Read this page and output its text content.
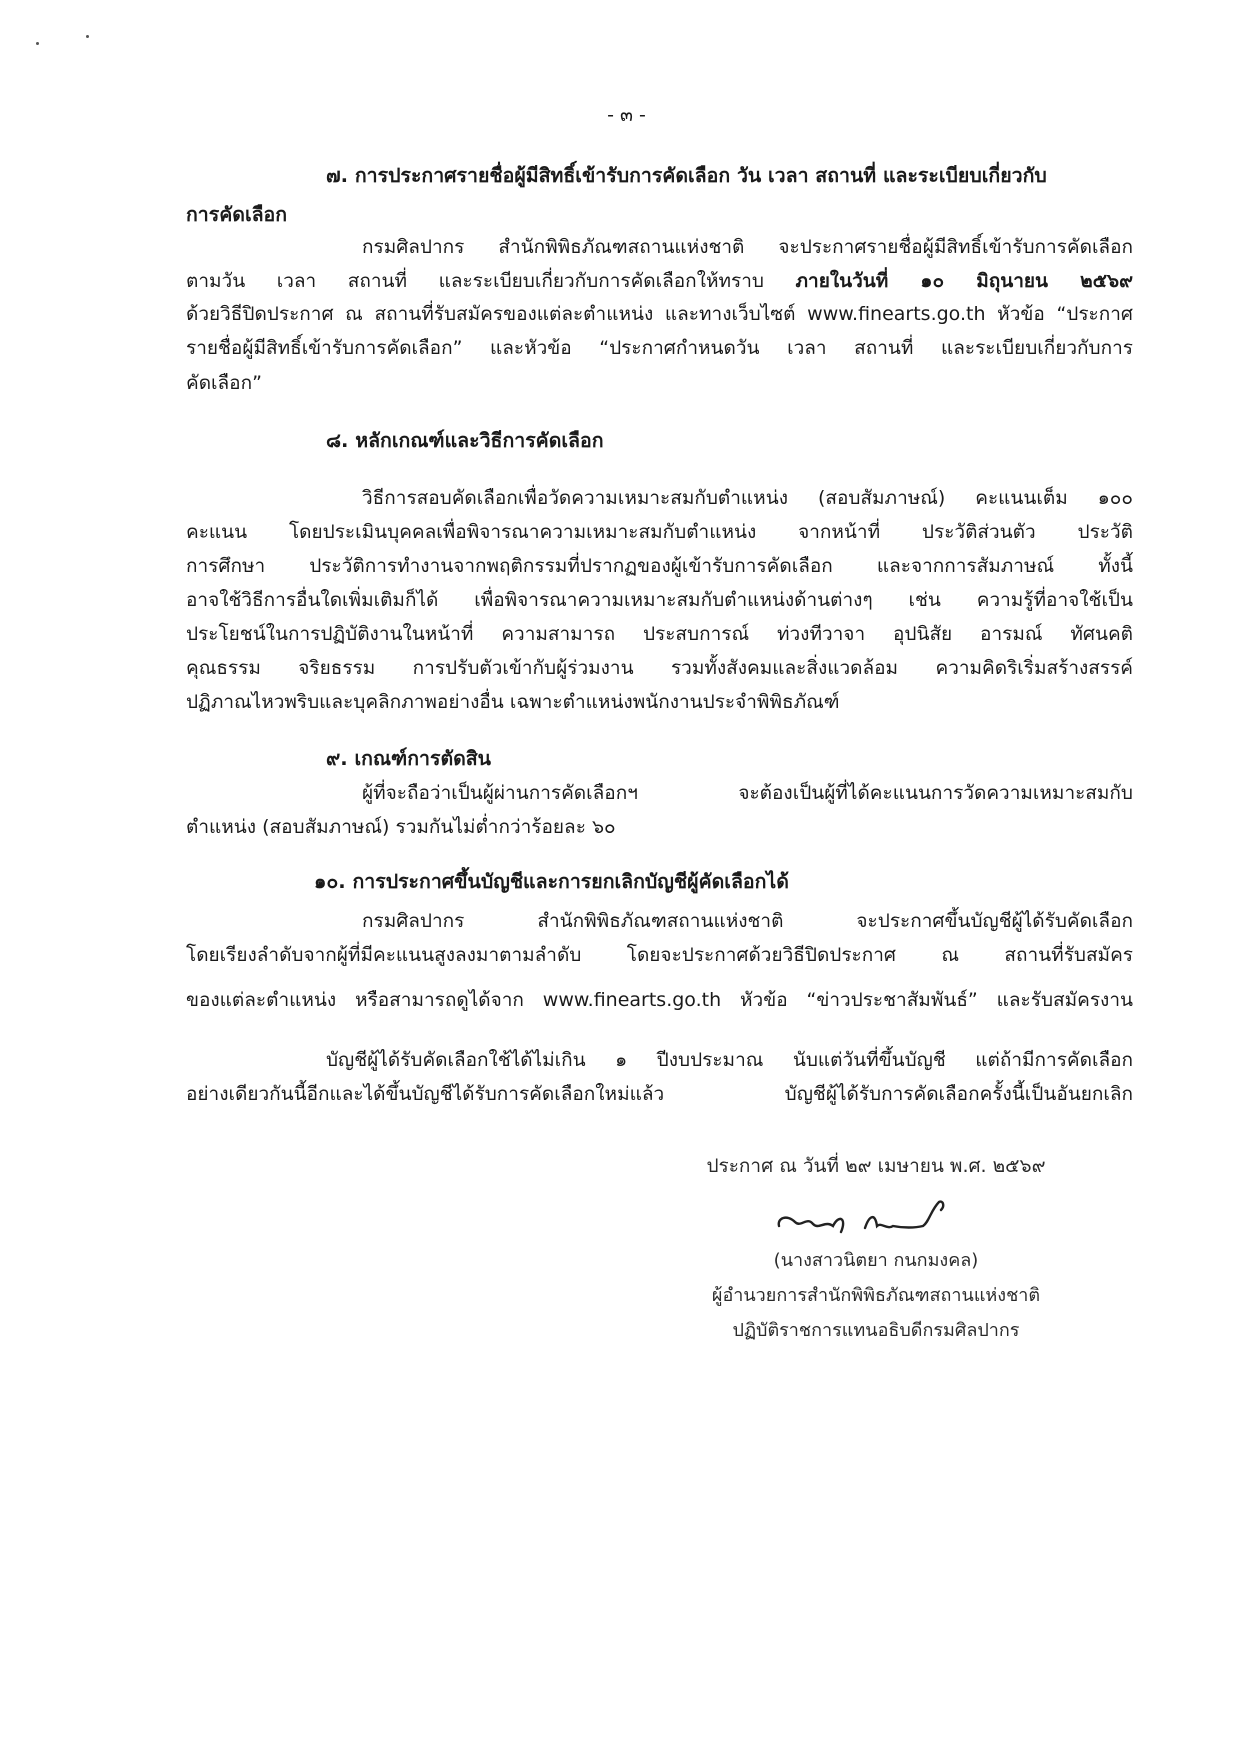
- ๓ -
๗. การประกาศรายชื่อผู้มีสิทธิ์เข้ารับการคัดเลือก วัน เวลา สถานที่ และระเบียบเกี่ยวกับ
การคัดเลือก
กรมศิลปากร สำนักพิพิธภัณฑสถานแห่งชาติ จะประกาศรายชื่อผู้มีสิทธิ์เข้ารับการคัดเลือก
ตามวัน เวลา สถานที่ และระเบียบเกี่ยวกับการคัดเลือกให้ทราบ ภายในวันที่ ๑๐ มิถุนายน ๒๕๖๙
ด้วยวิธีปิดประกาศ ณ สถานที่รับสมัครของแต่ละตำแหน่ง และทางเว็บไซต์ www.finearts.go.th หัวข้อ “ประกาศ
รายชื่อผู้มีสิทธิ์เข้ารับการคัดเลือก” และหัวข้อ “ประกาศกำหนดวัน เวลา สถานที่ และระเบียบเกี่ยวกับการ
คัดเลือก”
๘. หลักเกณฑ์และวิธีการคัดเลือก
วิธีการสอบคัดเลือกเพื่อวัดความเหมาะสมกับตำแหน่ง (สอบสัมภาษณ์) คะแนนเต็ม ๑๐๐
คะแนน โดยประเมินบุคคลเพื่อพิจารณาความเหมาะสมกับตำแหน่ง จากหน้าที่ ประวัติส่วนตัว ประวัติ
การศึกษา ประวัติการทำงานจากพฤติกรรมที่ปรากฏของผู้เข้ารับการคัดเลือก และจากการสัมภาษณ์ ทั้งนี้
อาจใช้วิธีการอื่นใดเพิ่มเติมก็ได้ เพื่อพิจารณาความเหมาะสมกับตำแหน่งด้านต่างๆ เช่น ความรู้ที่อาจใช้เป็น
ประโยชน์ในการปฏิบัติงานในหน้าที่ ความสามารถ ประสบการณ์ ท่วงทีวาจา อุปนิสัย อารมณ์ ทัศนคติ
คุณธรรม จริยธรรม การปรับตัวเข้ากับผู้ร่วมงาน รวมทั้งสังคมและสิ่งแวดล้อม ความคิดริเริ่มสร้างสรรค์
ปฏิภาณไหวพริบและบุคลิกภาพอย่างอื่น เฉพาะตำแหน่งพนักงานประจำพิพิธภัณฑ์
๙. เกณฑ์การตัดสิน
ผู้ที่จะถือว่าเป็นผู้ผ่านการคัดเลือกฯ จะต้องเป็นผู้ที่ได้คะแนนการวัดความเหมาะสมกับ
ตำแหน่ง (สอบสัมภาษณ์) รวมกันไม่ต่ำกว่าร้อยละ ๖๐
๑๐. การประกาศขึ้นบัญชีและการยกเลิกบัญชีผู้คัดเลือกได้
กรมศิลปากร สำนักพิพิธภัณฑสถานแห่งชาติ จะประกาศขึ้นบัญชีผู้ได้รับคัดเลือก
โดยเรียงลำดับจากผู้ที่มีคะแนนสูงลงมาตามลำดับ โดยจะประกาศด้วยวิธีปิดประกาศ ณ สถานที่รับสมัคร
ของแต่ละตำแหน่ง หรือสามารถดูได้จาก www.finearts.go.th หัวข้อ “ข่าวประชาสัมพันธ์” และรับสมัครงาน
บัญชีผู้ได้รับคัดเลือกใช้ได้ไม่เกิน ๑ ปีงบประมาณ นับแต่วันที่ขึ้นบัญชี แต่ถ้ามีการคัดเลือก
อย่างเดียวกันนี้อีกและได้ขึ้นบัญชีได้รับการคัดเลือกใหม่แล้ว บัญชีผู้ได้รับการคัดเลือกครั้งนี้เป็นอันยกเลิก
ประกาศ ณ วันที่ ๒๙ เมษายน พ.ศ. ๒๕๖๙
(นางสาวนิตยา กนกมงคล)
ผู้อำนวยการสำนักพิพิธภัณฑสถานแห่งชาติ
ปฏิบัติราชการแทนอธิบดีกรมศิลปากร
